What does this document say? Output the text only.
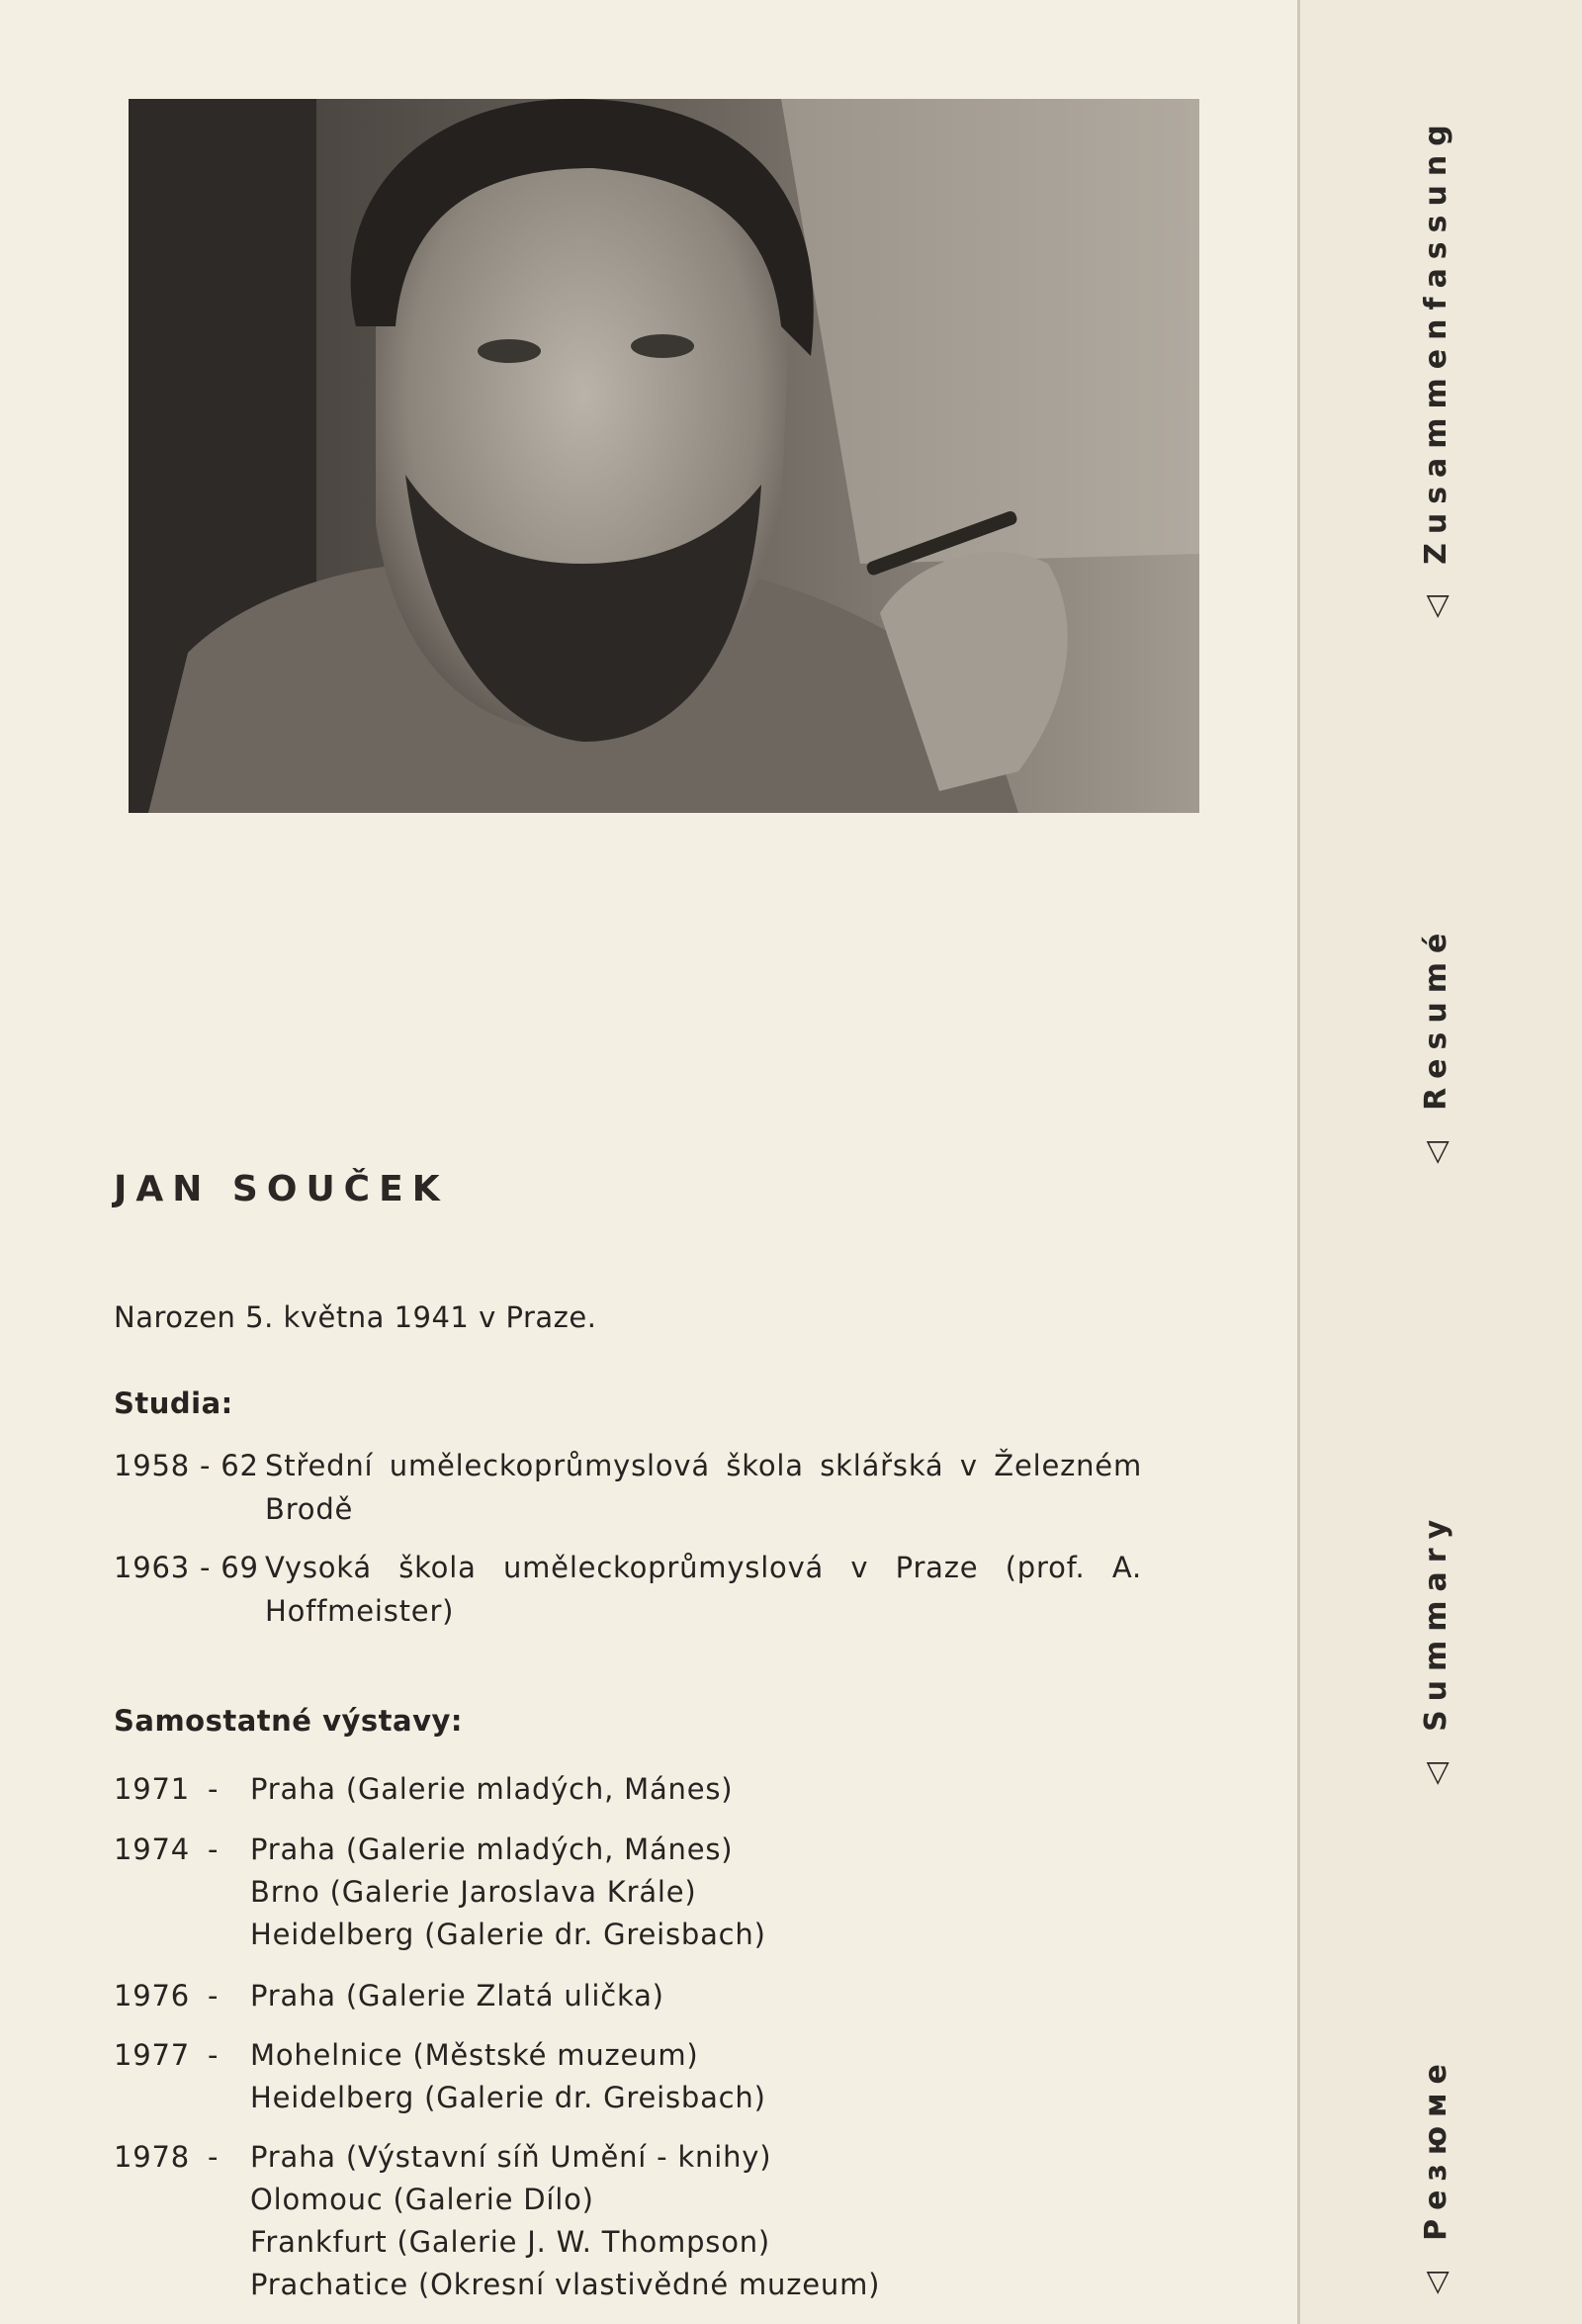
JAN SOUČEK
Narozen 5. května 1941 v Praze.
Studia:
1958 - 62 Střední uměleckoprůmyslová škola sklářská v Železném Brodě
1963 - 69 Vysoká škola uměleckoprůmyslová v Praze (prof. A. Hoffmeister)
Samostatné výstavy:
1971 - Praha (Galerie mladých, Mánes)
1974 - Praha (Galerie mladých, Mánes)
Brno (Galerie Jaroslava Krále)
Heidelberg (Galerie dr. Greisbach)
1976 - Praha (Galerie Zlatá ulička)
1977 - Mohelnice (Městské muzeum)
Heidelberg (Galerie dr. Greisbach)
1978 - Praha (Výstavní síň Umění - knihy)
Olomouc (Galerie Dílo)
Frankfurt (Galerie J. W. Thompson)
Prachatice (Okresní vlastivědné muzeum)
◁Zusammenfassung
◁Resumé
◁Summary
◁Резюме
